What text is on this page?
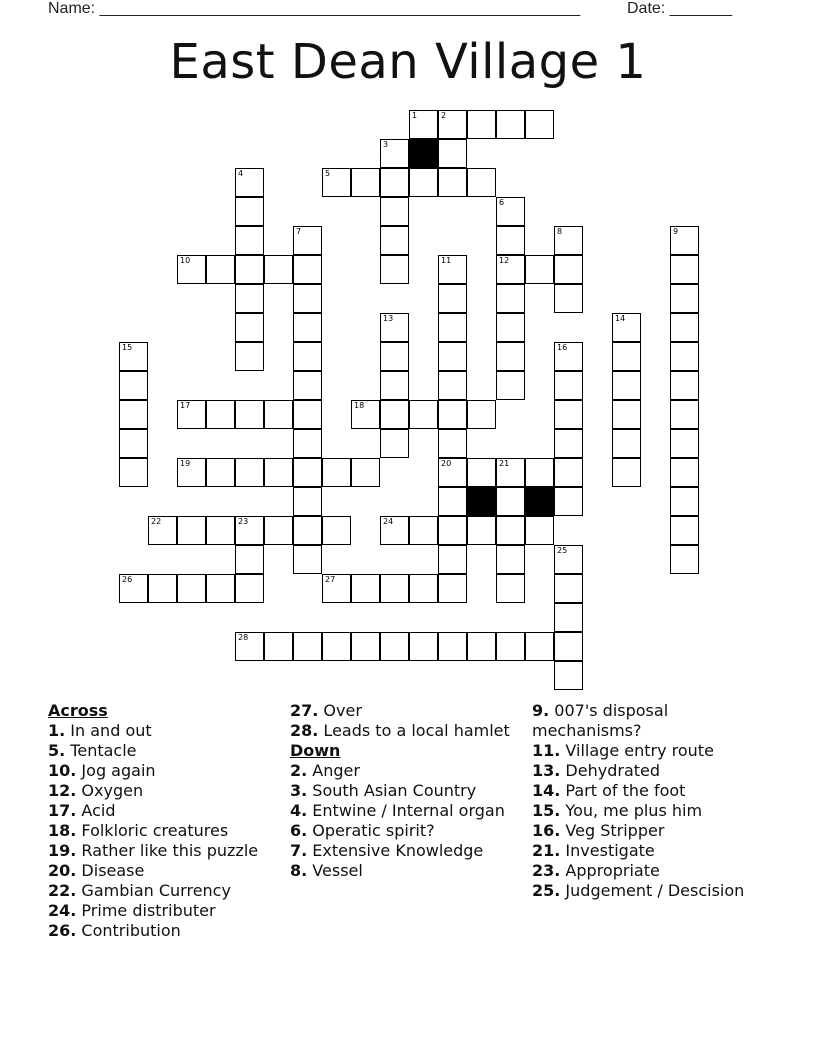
Name: ______________________________________________________	Date: _______
East Dean Village 1
1	2
3
4	5
6
7	8	9
10	11	12
13	14
15	16
17	18
19	20	21
22	23	24
25
26	27
28
Across
1. In and out
5. Tentacle
10. Jog again
12. Oxygen
17. Acid
18. Folkloric creatures
19. Rather like this puzzle
20. Disease
22. Gambian Currency
24. Prime distributer
26. Contribution
27. Over
28. Leads to a local hamlet
Down
2. Anger
3. South Asian Country
4. Entwine / Internal organ
6. Operatic spirit?
7. Extensive Knowledge
8. Vessel
9. 007's disposal mechanisms?
11. Village entry route
13. Dehydrated
14. Part of the foot
15. You, me plus him
16. Veg Stripper
21. Investigate
23. Appropriate
25. Judgement / Descision
